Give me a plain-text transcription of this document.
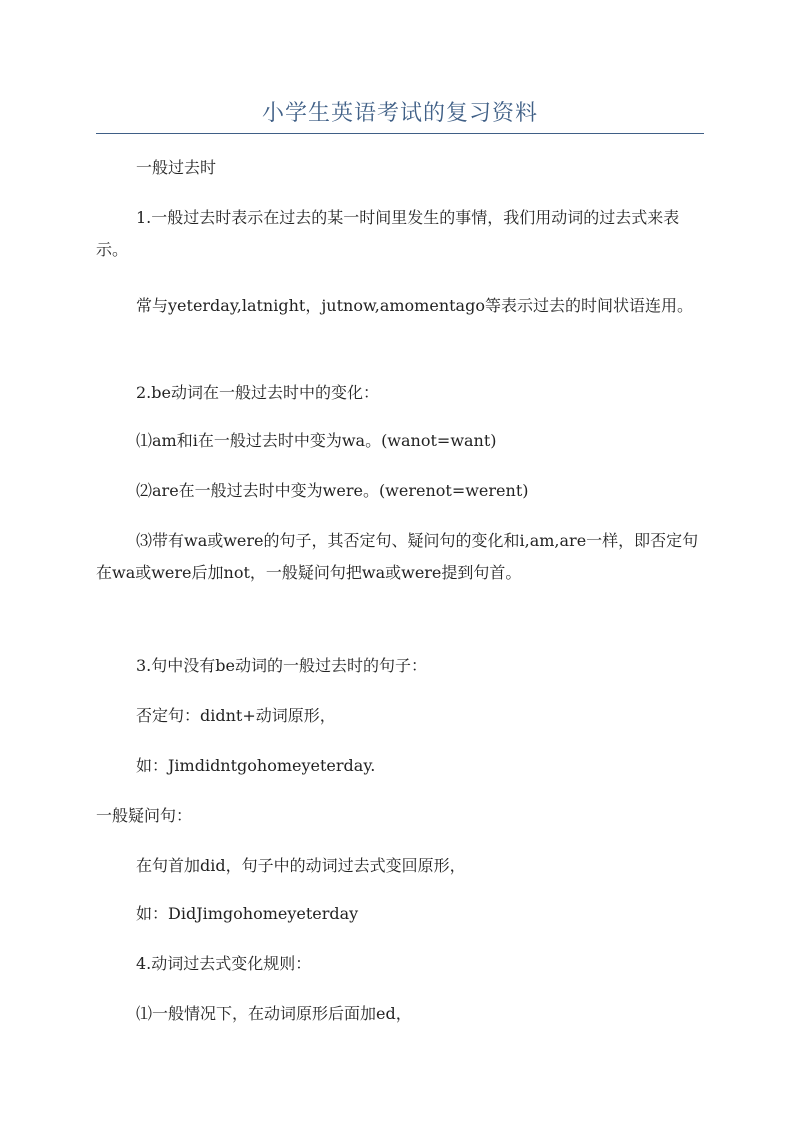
小学生英语考试的复习资料

一般过去时

1.一般过去时表示在过去的某一时间里发生的事情，我们用动词的过去式来表示。

常与yeterday,latnight，jutnow,amomentago等表示过去的时间状语连用。

2.be动词在一般过去时中的变化：

⑴am和i在一般过去时中变为wa。(wanot=want)

⑵are在一般过去时中变为were。(werenot=werent)

⑶带有wa或were的句子，其否定句、疑问句的变化和i,am,are一样，即否定句在wa或were后加not，一般疑问句把wa或were提到句首。

3.句中没有be动词的一般过去时的句子：

否定句：didnt+动词原形，

如：Jimdidntgohomeyeterday.

一般疑问句：

在句首加did，句子中的动词过去式变回原形，

如：DidJimgohomeyeterday

4.动词过去式变化规则：

⑴一般情况下，在动词原形后面加ed，
